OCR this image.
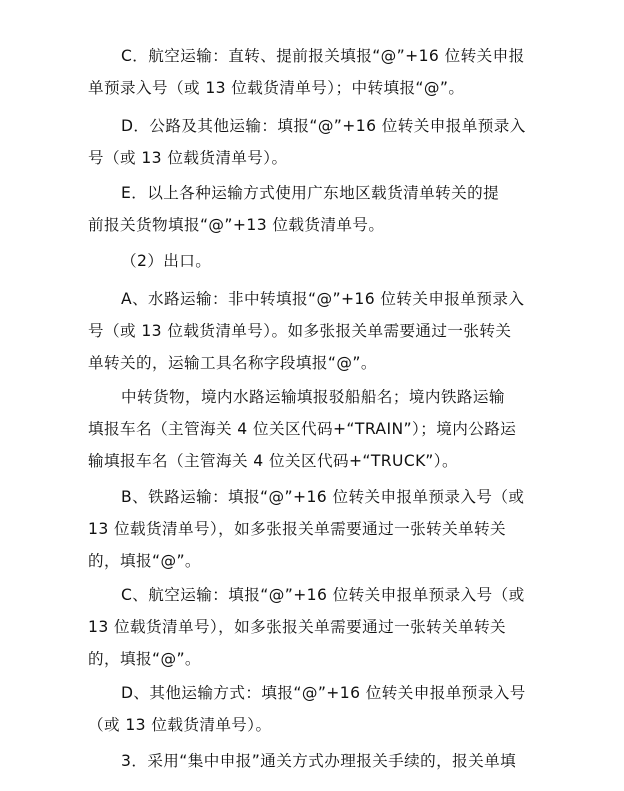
C．航空运输：直转、提前报关填报“@”+16 位转关申报
单预录入号（或 13 位载货清单号）；中转填报“@”。

D．公路及其他运输：填报“@”+16 位转关申报单预录入
号（或 13 位载货清单号）。

E．以上各种运输方式使用广东地区载货清单转关的提
前报关货物填报“@”+13 位载货清单号。

（2）出口。

A、水路运输：非中转填报“@”+16 位转关申报单预录入
号（或 13 位载货清单号）。如多张报关单需要通过一张转关
单转关的，运输工具名称字段填报“@”。

中转货物，境内水路运输填报驳船船名；境内铁路运输
填报车名（主管海关 4 位关区代码+“TRAIN”）；境内公路运
输填报车名（主管海关 4 位关区代码+“TRUCK”）。

B、铁路运输：填报“@”+16 位转关申报单预录入号（或
13 位载货清单号），如多张报关单需要通过一张转关单转关
的，填报“@”。

C、航空运输：填报“@”+16 位转关申报单预录入号（或
13 位载货清单号），如多张报关单需要通过一张转关单转关
的，填报“@”。

D、其他运输方式：填报“@”+16 位转关申报单预录入号
（或 13 位载货清单号）。

3．采用“集中申报”通关方式办理报关手续的，报关单填
